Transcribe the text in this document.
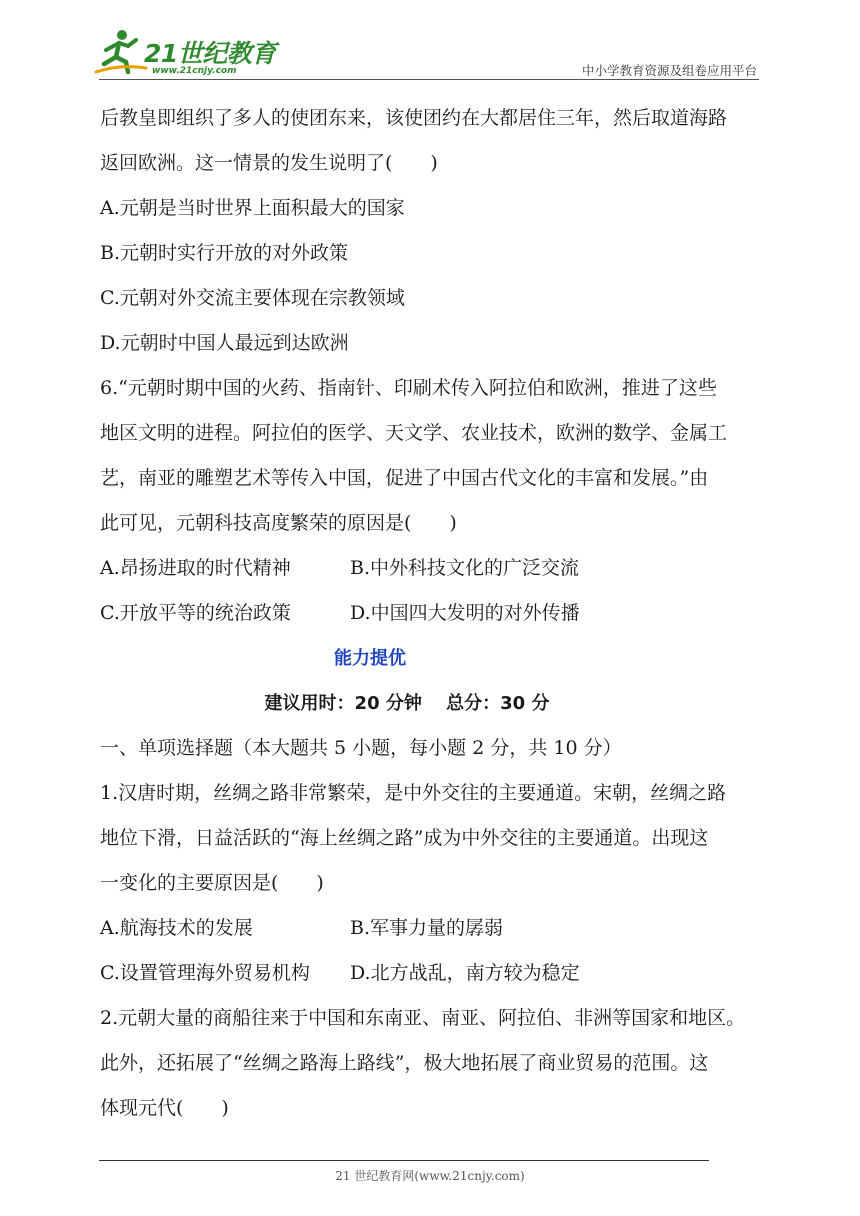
21世纪教育
www.21cnjy.com	中小学教育资源及组卷应用平台
后教皇即组织了多人的使团东来，该使团约在大都居住三年，然后取道海路
返回欧洲。这一情景的发生说明了(　　)
A.元朝是当时世界上面积最大的国家
B.元朝时实行开放的对外政策
C.元朝对外交流主要体现在宗教领域
D.元朝时中国人最远到达欧洲
6.“元朝时期中国的火药、指南针、印刷术传入阿拉伯和欧洲，推进了这些
地区文明的进程。阿拉伯的医学、天文学、农业技术，欧洲的数学、金属工
艺，南亚的雕塑艺术等传入中国，促进了中国古代文化的丰富和发展。”由
此可见，元朝科技高度繁荣的原因是(　　)
A.昂扬进取的时代精神	B.中外科技文化的广泛交流
C.开放平等的统治政策	D.中国四大发明的对外传播
能力提优
建议用时：20 分钟　 总分：30 分
一、单项选择题（本大题共 5 小题，每小题 2 分，共 10 分）
1.汉唐时期，丝绸之路非常繁荣，是中外交往的主要通道。宋朝，丝绸之路
地位下滑，日益活跃的“海上丝绸之路”成为中外交往的主要通道。出现这
一变化的主要原因是(　　)
A.航海技术的发展	B.军事力量的孱弱
C.设置管理海外贸易机构 D.北方战乱，南方较为稳定
2.元朝大量的商船往来于中国和东南亚、南亚、阿拉伯、非洲等国家和地区。
此外，还拓展了“丝绸之路海上路线”，极大地拓展了商业贸易的范围。这
体现元代(　　)
21 世纪教育网(www.21cnjy.com)
